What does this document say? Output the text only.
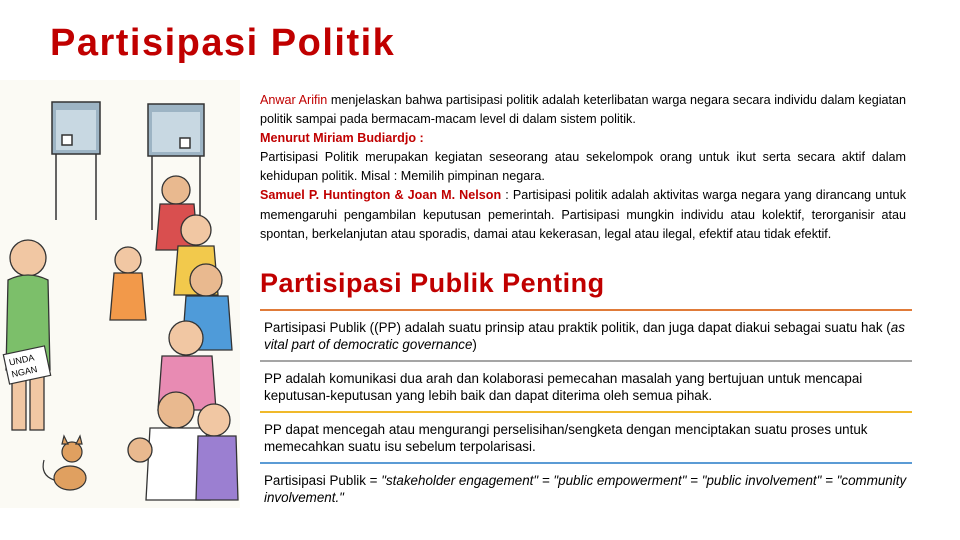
Partisipasi Politik
UNDA
NGAN

Anwar Arifin menjelaskan bahwa partisipasi politik adalah keterlibatan warga negara secara individu dalam kegiatan politik sampai pada bermacam-macam level di dalam sistem politik.

Menurut Miriam Budiardjo :

Partisipasi Politik merupakan kegiatan seseorang atau sekelompok orang untuk ikut serta secara aktif dalam kehidupan politik. Misal : Memilih pimpinan negara.

Samuel P. Huntington & Joan M. Nelson : Partisipasi politik adalah aktivitas warga negara yang dirancang untuk memengaruhi pengambilan keputusan pemerintah. Partisipasi mungkin individu atau kolektif, terorganisir atau spontan, berkelanjutan atau sporadis, damai atau kekerasan, legal atau ilegal, efektif atau tidak efektif.

Partisipasi Publik Penting
Partisipasi Publik ((PP) adalah suatu prinsip atau praktik politik, dan juga dapat diakui sebagai suatu hak (as vital part of democratic governance)
PP adalah komunikasi dua arah dan kolaborasi pemecahan masalah yang bertujuan untuk mencapai keputusan-keputusan yang lebih baik dan dapat diterima oleh semua pihak.
PP dapat mencegah atau mengurangi perselisihan/sengketa dengan menciptakan suatu proses untuk memecahkan suatu isu sebelum terpolarisasi.
Partisipasi Publik = "stakeholder engagement" = "public empowerment" = "public involvement" = "community involvement."
